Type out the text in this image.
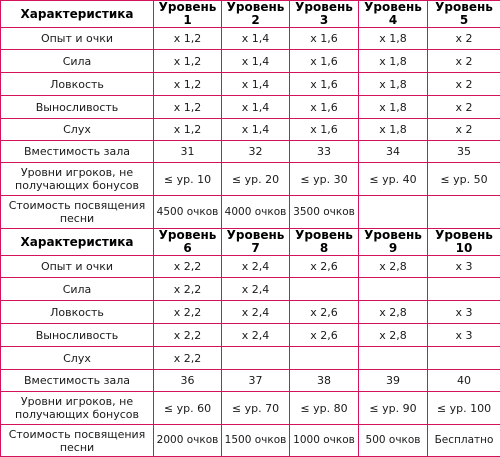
Характеристика	Уровень 1	Уровень 2	Уровень 3	Уровень 4	Уровень 5
Опыт и очки	x 1,2	x 1,4	x 1,6	x 1,8	x 2
Сила	x 1,2	x 1,4	x 1,6	x 1,8	x 2
Ловкость	x 1,2	x 1,4	x 1,6	x 1,8	x 2
Выносливость	x 1,2	x 1,4	x 1,6	x 1,8	x 2
Слух	x 1,2	x 1,4	x 1,6	x 1,8	x 2
Вместимость зала	31	32	33	34	35
Уровни игроков, не получающих бонусов	≤ ур. 10	≤ ур. 20	≤ ур. 30	≤ ур. 40	≤ ур. 50
Стоимость посвящения песни	4500 очков	4000 очков	3500 очков		
Характеристика	Уровень 6	Уровень 7	Уровень 8	Уровень 9	Уровень 10
Опыт и очки	x 2,2	x 2,4	x 2,6	x 2,8	x 3
Сила	x 2,2	x 2,4			
Ловкость	x 2,2	x 2,4	x 2,6	x 2,8	x 3
Выносливость	x 2,2	x 2,4	x 2,6	x 2,8	x 3
Слух	x 2,2				
Вместимость зала	36	37	38	39	40
Уровни игроков, не получающих бонусов	≤ ур. 60	≤ ур. 70	≤ ур. 80	≤ ур. 90	≤ ур. 100
Стоимость посвящения песни	2000 очков	1500 очков	1000 очков	500 очков	Бесплатно
